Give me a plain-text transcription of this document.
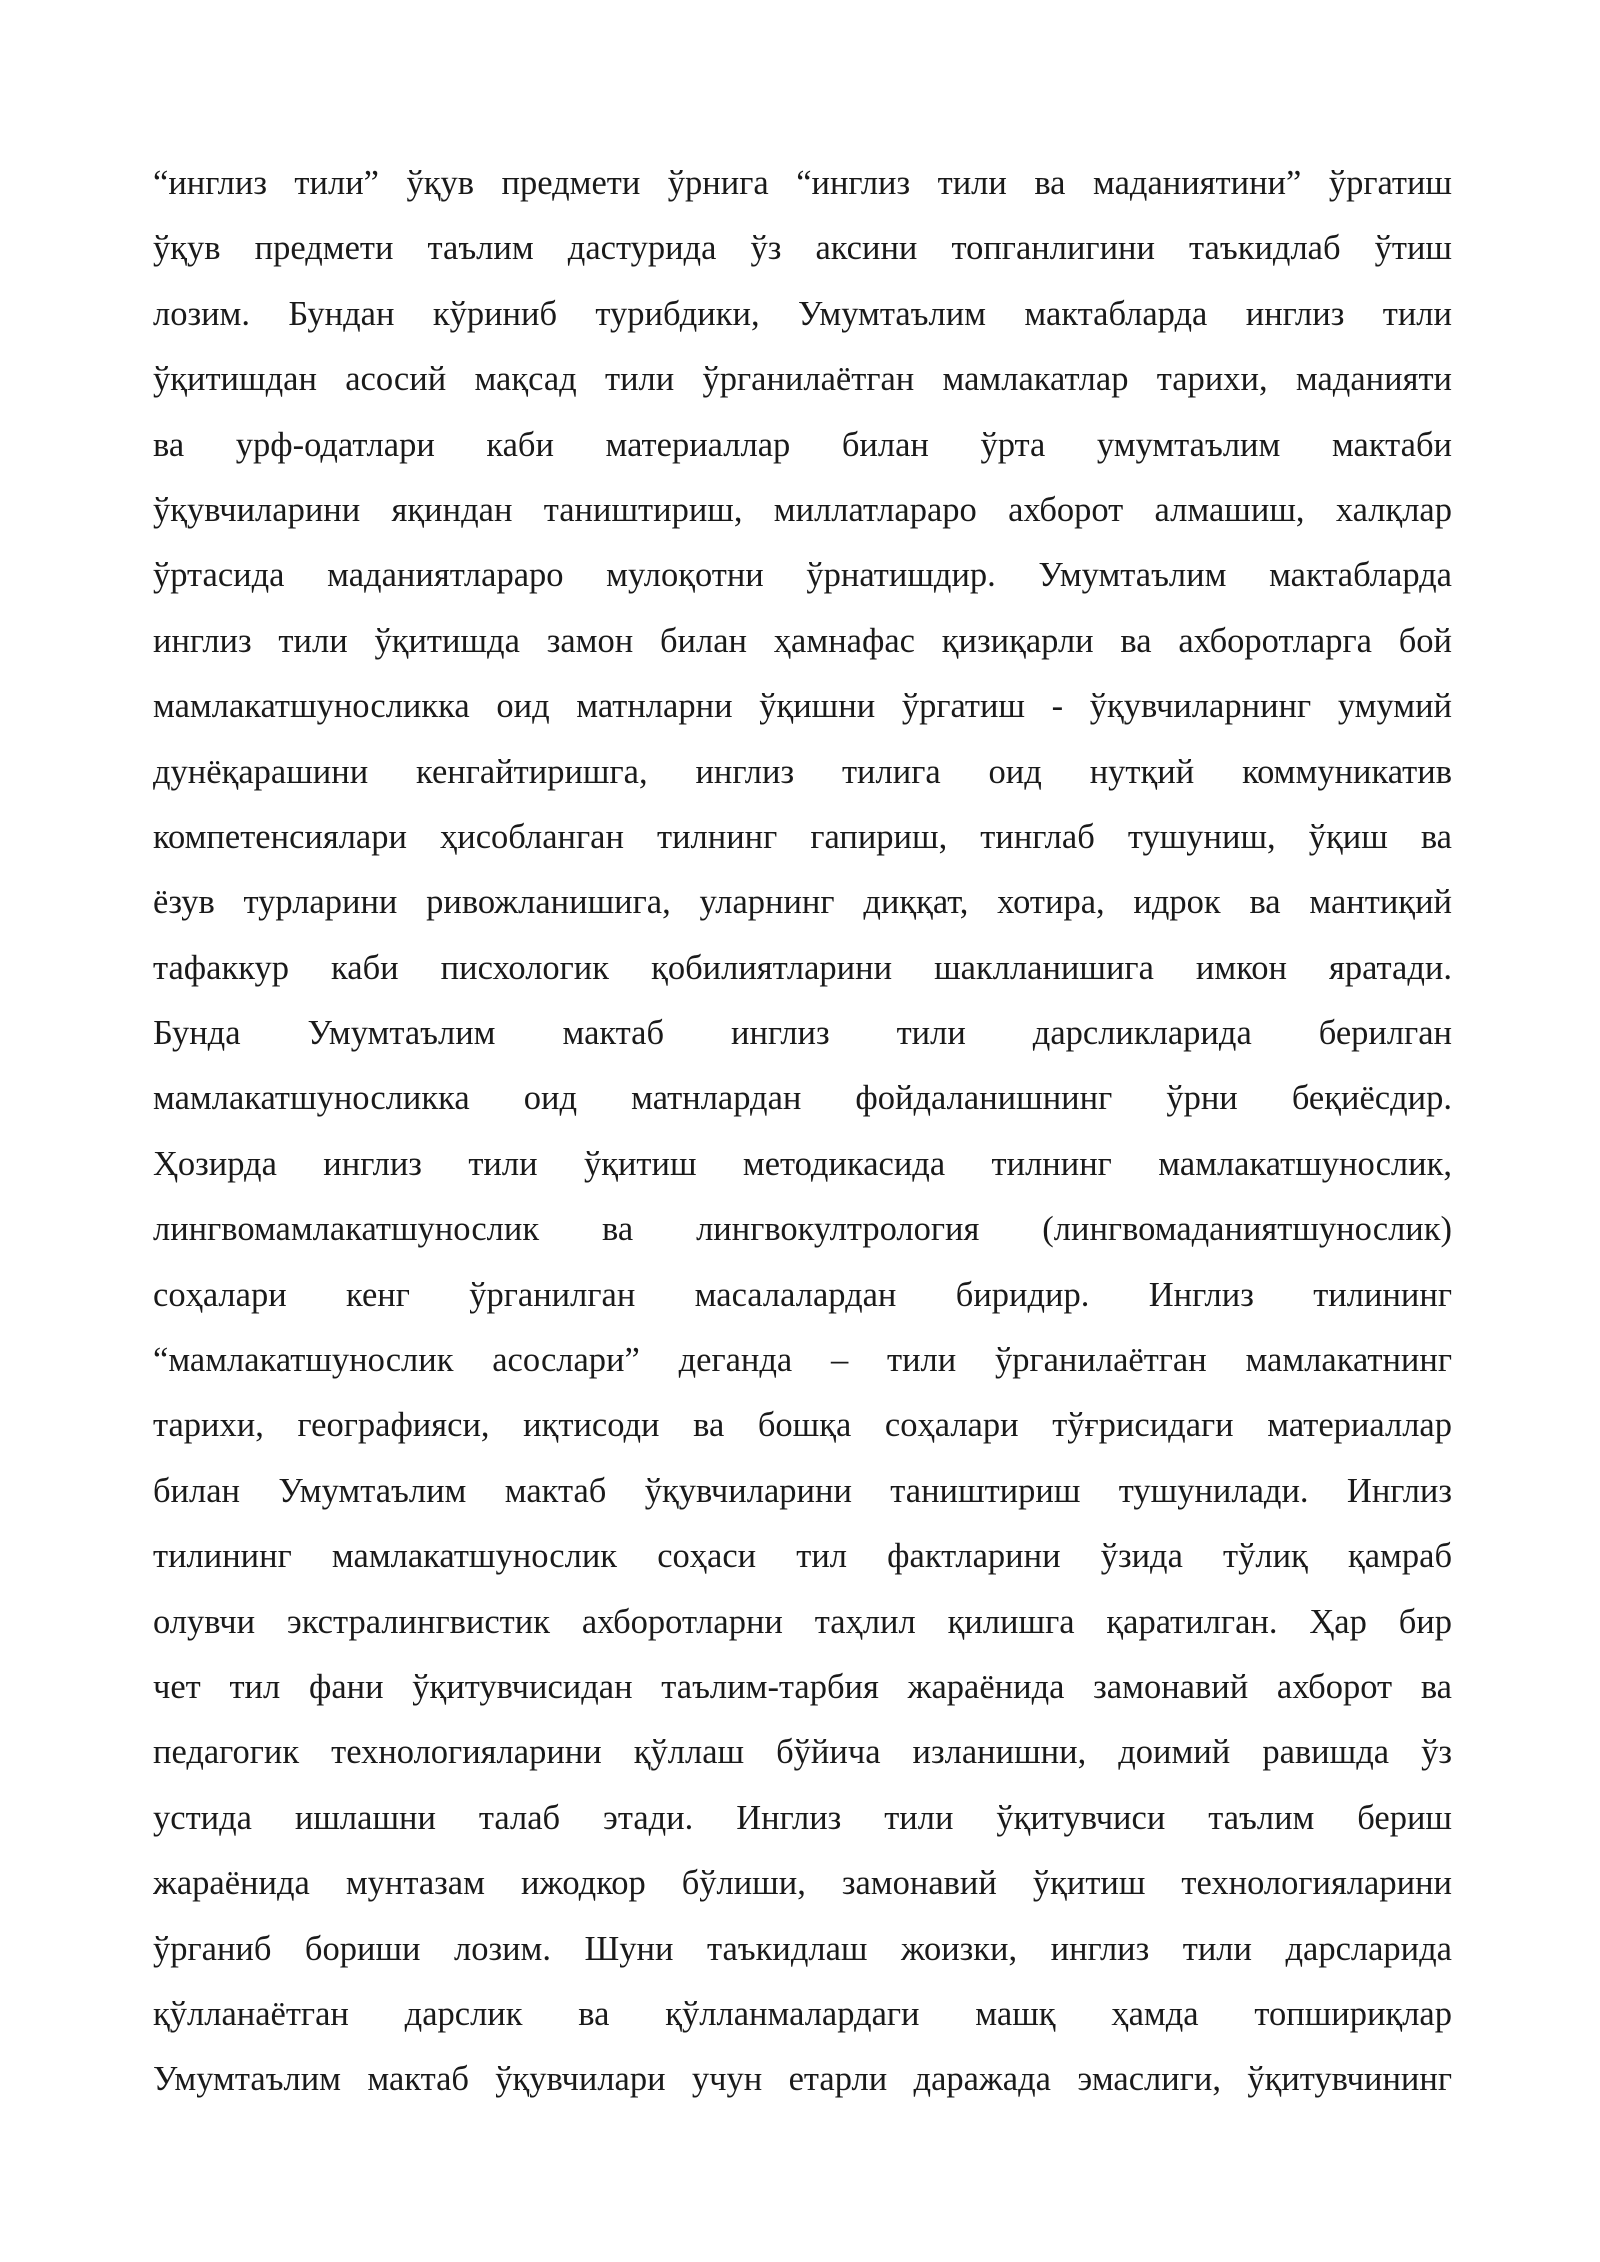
“инглиз тили” ўқув предмети ўрнига “инглиз тили ва маданиятини” ўргатиш
ўқув предмети таълим дастурида ўз аксини топганлигини таъкидлаб ўтиш
лозим. Бундан кўриниб турибдики, Умумтаълим мактабларда инглиз тили
ўқитишдан асосий мақсад тили ўрганилаётган мамлакатлар тарихи, маданияти
ва урф-одатлари каби материаллар билан ўрта умумтаълим мактаби
ўқувчиларини яқиндан таништириш, миллатлараро ахборот алмашиш, халқлар
ўртасида маданиятлараро мулоқотни ўрнатишдир. Умумтаълим мактабларда
инглиз тили ўқитишда замон билан ҳамнафас қизиқарли ва ахборотларга бой
мамлакатшуносликка оид матнларни ўқишни ўргатиш - ўқувчиларнинг умумий
дунёқарашини кенгайтиришга, инглиз тилига оид нутқий коммуникатив
компетенсиялари ҳисобланган тилнинг гапириш, тинглаб тушуниш, ўқиш ва
ёзув турларини ривожланишига, уларнинг диққат, хотира, идрок ва мантиқий
тафаккур каби писхологик қобилиятларини шаклланишига имкон яратади.
Бунда Умумтаълим мактаб инглиз тили дарсликларида берилган
мамлакатшуносликка оид матнлардан фойдаланишнинг ўрни беқиёсдир.
Ҳозирда инглиз тили ўқитиш методикасида тилнинг мамлакатшунослик,
лингвомамлакатшунослик ва лингвокултрология (лингвомаданиятшунослик)
соҳалари кенг ўрганилган масалалардан биридир. Инглиз тилининг
“мамлакатшунослик асослари” деганда – тили ўрганилаётган мамлакатнинг
тарихи, географияси, иқтисоди ва бошқа соҳалари тўғрисидаги материаллар
билан Умумтаълим мактаб ўқувчиларини таништириш тушунилади. Инглиз
тилининг мамлакатшунослик соҳаси тил фактларини ўзида тўлиқ қамраб
олувчи экстралингвистик ахборотларни таҳлил қилишга қаратилган. Ҳар бир
чет тил фани ўқитувчисидан таълим-тарбия жараёнида замонавий ахборот ва
педагогик технологияларини қўллаш бўйича изланишни, доимий равишда ўз
устида ишлашни талаб этади. Инглиз тили ўқитувчиси таълим бериш
жараёнида мунтазам ижодкор бўлиши, замонавий ўқитиш технологияларини
ўрганиб бориши лозим. Шуни таъкидлаш жоизки, инглиз тили дарсларида
қўлланаётган дарслик ва қўлланмалардаги машқ ҳамда топшириқлар
Умумтаълим мактаб ўқувчилари учун етарли даражада эмаслиги, ўқитувчининг
